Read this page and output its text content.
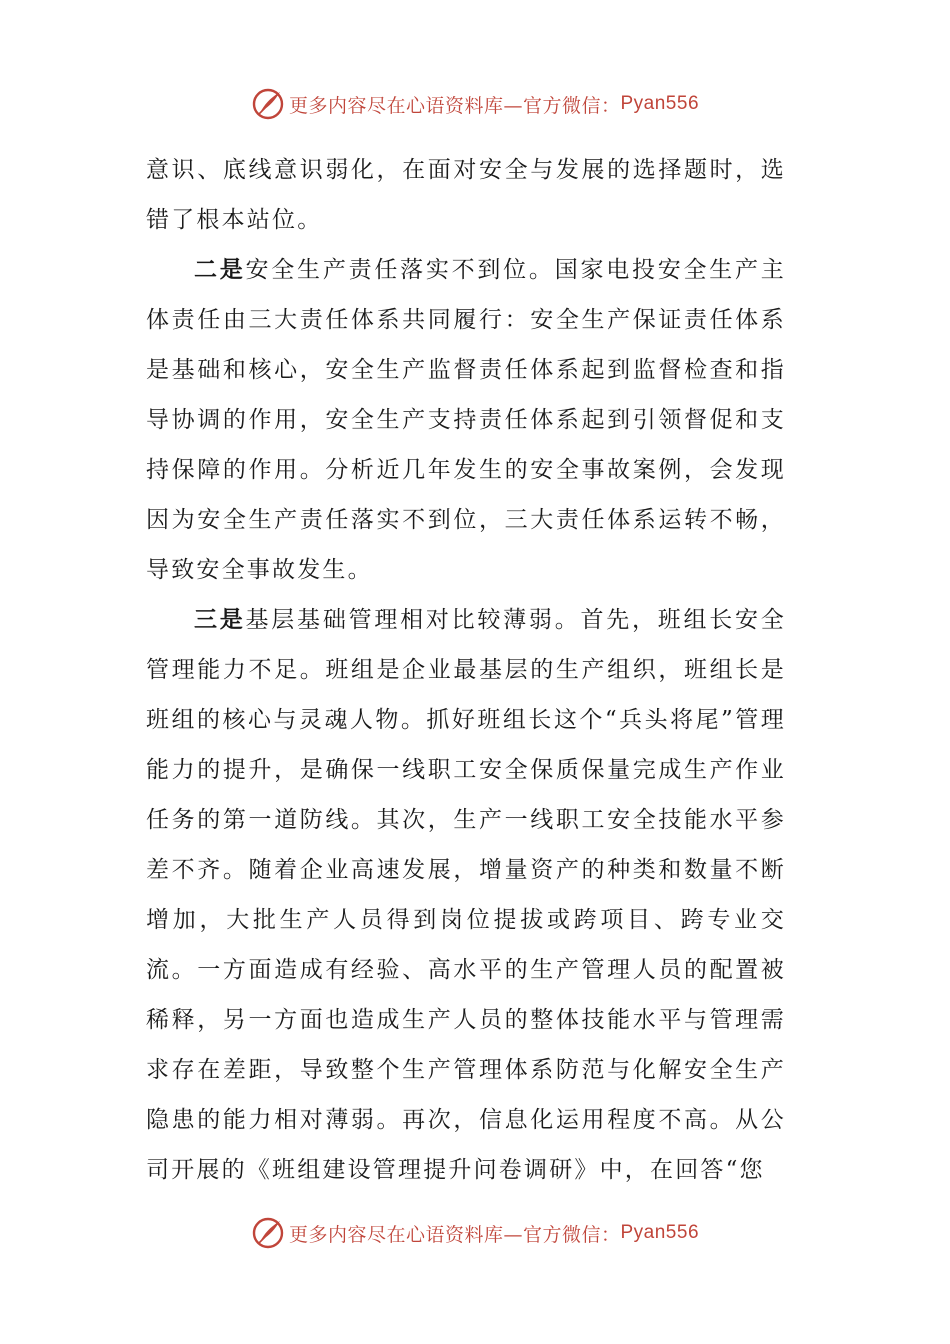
更多内容尽在心语资料库—官方微信： Pyan556

意识、底线意识弱化，在面对安全与发展的选择题时，选错了根本站位。

二是安全生产责任落实不到位。国家电投安全生产主体责任由三大责任体系共同履行：安全生产保证责任体系是基础和核心，安全生产监督责任体系起到监督检查和指导协调的作用，安全生产支持责任体系起到引领督促和支持保障的作用。分析近几年发生的安全事故案例，会发现因为安全生产责任落实不到位，三大责任体系运转不畅，导致安全事故发生。

三是基层基础管理相对比较薄弱。首先，班组长安全管理能力不足。班组是企业最基层的生产组织，班组长是班组的核心与灵魂人物。抓好班组长这个“兵头将尾”管理能力的提升，是确保一线职工安全保质保量完成生产作业任务的第一道防线。其次，生产一线职工安全技能水平参差不齐。随着企业高速发展，增量资产的种类和数量不断增加，大批生产人员得到岗位提拔或跨项目、跨专业交流。一方面造成有经验、高水平的生产管理人员的配置被稀释，另一方面也造成生产人员的整体技能水平与管理需求存在差距，导致整个生产管理体系防范与化解安全生产隐患的能力相对薄弱。再次，信息化运用程度不高。从公司开展的《班组建设管理提升问卷调研》中，在回答“您

更多内容尽在心语资料库—官方微信： Pyan556
